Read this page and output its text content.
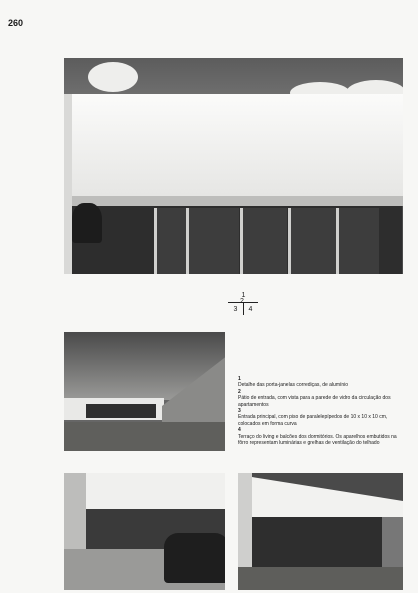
260
1
3	4
2

1
Detalhe das porta-janelas corrediças, de alumínio

2
Pátio de entrada, com vista para a parede de vidro da circulação dos apartamentos

3
Entrada principal, com piso de paralelepípedos de 10 x 10 x 10 cm, colocados em forma curva

4
Terraço do living e balcões dos dormitórios. Os aparelhos embutidos na fôrro representam luminárias e grelhas de ventilação do telhado
